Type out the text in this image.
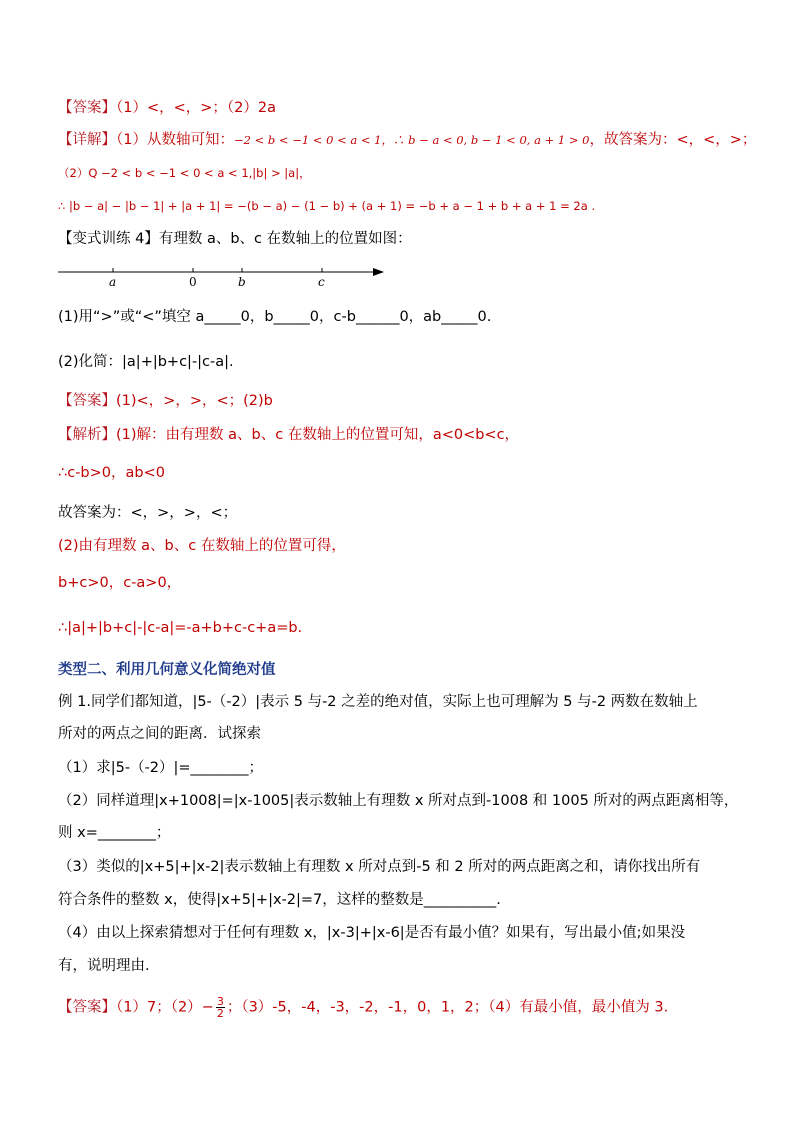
【答案】（1）<，<，>；（2）2a
【详解】（1）从数轴可知：−2 < b < −1 < 0 < a < 1，∴ b − a < 0, b − 1 < 0, a + 1 > 0，故答案为：<，<，>；
（2）Q −2 < b < −1 < 0 < a < 1,|b| > |a|，
∴ |b − a| − |b − 1| + |a + 1| = −(b − a) − (1 − b) + (a + 1) = −b + a − 1 + b + a + 1 = 2a .
【变式训练 4】有理数 a、b、c 在数轴上的位置如图：
a	0	b	c
(1)用“>”或“<”填空 a_____0，b_____0，c-b______0，ab_____0.
(2)化简：|a|+|b+c|-|c-a|.
【答案】(1)<，>，>，<；(2)b
【解析】(1)解：由有理数 a、b、c 在数轴上的位置可知，a<0<b<c，
∴c-b>0，ab<0
故答案为：<，>，>，<；
(2)由有理数 a、b、c 在数轴上的位置可得，
b+c>0，c-a>0，
∴|a|+|b+c|-|c-a|=-a+b+c-c+a=b.
类型二、利用几何意义化简绝对值
例 1.同学们都知道，|5-（-2）|表示 5 与-2 之差的绝对值，实际上也可理解为 5 与-2 两数在数轴上
所对的两点之间的距离．试探索
（1）求|5-（-2）|=________；
（2）同样道理|x+1008|=|x-1005|表示数轴上有理数 x 所对点到-1008 和 1005 所对的两点距离相等，
则 x=________；
（3）类似的|x+5|+|x-2|表示数轴上有理数 x 所对点到-5 和 2 所对的两点距离之和，请你找出所有
符合条件的整数 x，使得|x+5|+|x-2|=7，这样的整数是__________.
（4）由以上探索猜想对于任何有理数 x，|x-3|+|x-6|是否有最小值？如果有，写出最小值;如果没
有，说明理由．
【答案】（1）7；$(2)- \frac{3}{2}$ ；（3）-5，-4，-3，-2，-1，0，1，2；（4）有最小值，最小值为 3.
